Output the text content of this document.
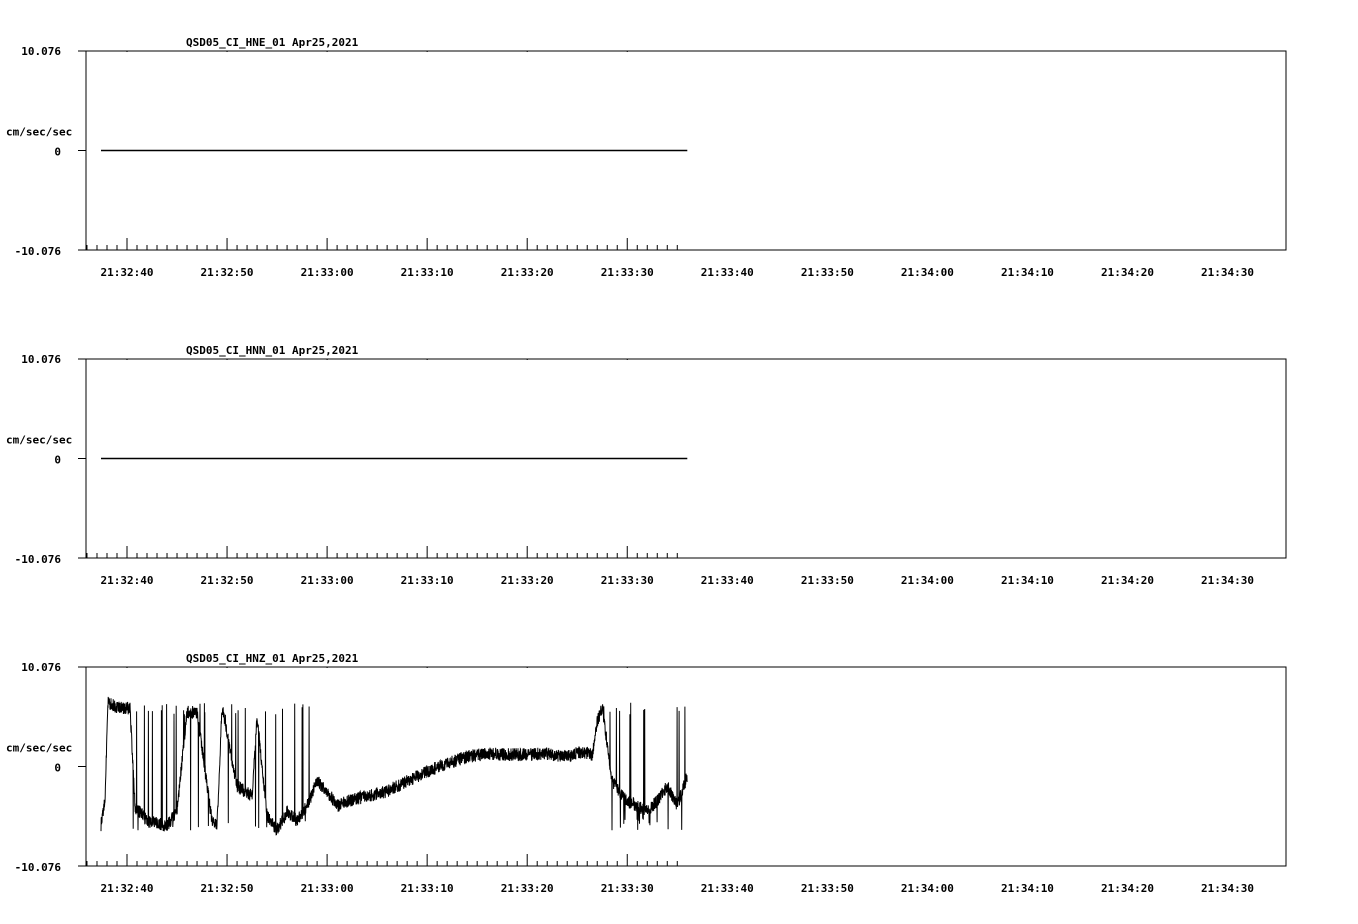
QSD05_CI_HNE_01 Apr25,2021
cm/sec/sec
10.076
0
-10.076
21:32:40	21:32:50	21:33:00	21:33:10	21:33:20	21:33:30	21:33:40	21:33:50	21:34:00	21:34:10	21:34:20	21:34:30
QSD05_CI_HNN_01 Apr25,2021
cm/sec/sec
10.076
0
-10.076
21:32:40	21:32:50	21:33:00	21:33:10	21:33:20	21:33:30	21:33:40	21:33:50	21:34:00	21:34:10	21:34:20	21:34:30
QSD05_CI_HNZ_01 Apr25,2021
cm/sec/sec
10.076
0
-10.076
21:32:40	21:32:50	21:33:00	21:33:10	21:33:20	21:33:30	21:33:40	21:33:50	21:34:00	21:34:10	21:34:20	21:34:30
